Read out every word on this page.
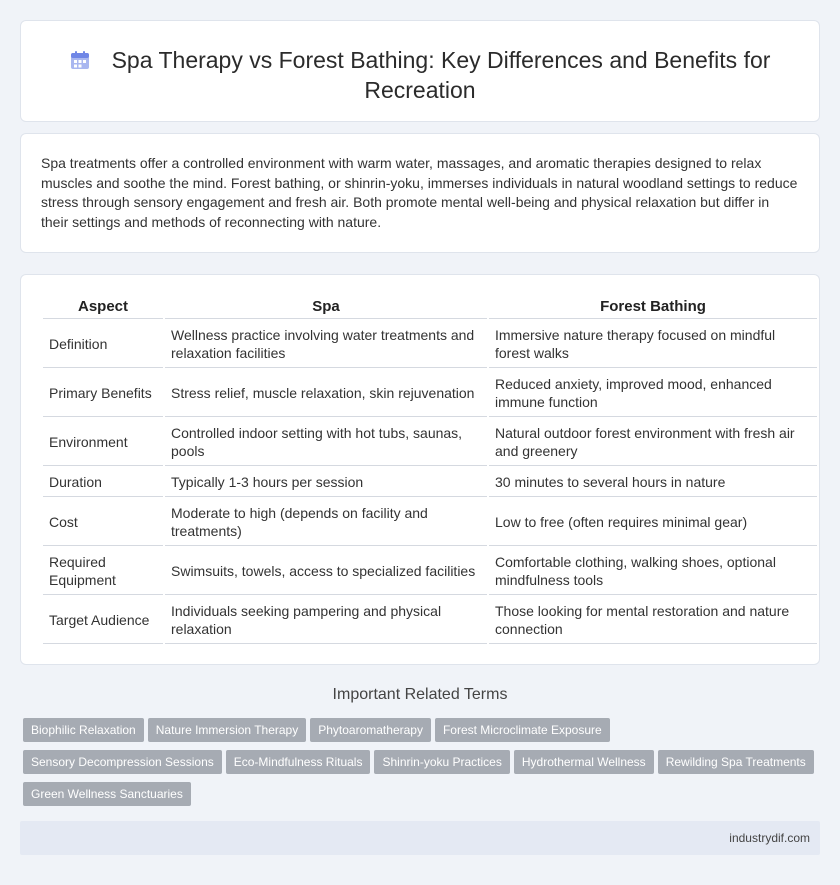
Spa Therapy vs Forest Bathing: Key Differences and Benefits for Recreation

Spa treatments offer a controlled environment with warm water, massages, and aromatic therapies designed to relax muscles and soothe the mind. Forest bathing, or shinrin-yoku, immerses individuals in natural woodland settings to reduce stress through sensory engagement and fresh air. Both promote mental well-being and physical relaxation but differ in their settings and methods of reconnecting with nature.

Aspect	Spa	Forest Bathing
Definition	Wellness practice involving water treatments and relaxation facilities	Immersive nature therapy focused on mindful forest walks
Primary Benefits	Stress relief, muscle relaxation, skin rejuvenation	Reduced anxiety, improved mood, enhanced immune function
Environment	Controlled indoor setting with hot tubs, saunas, pools	Natural outdoor forest environment with fresh air and greenery
Duration	Typically 1-3 hours per session	30 minutes to several hours in nature
Cost	Moderate to high (depends on facility and treatments)	Low to free (often requires minimal gear)
Required Equipment	Swimsuits, towels, access to specialized facilities	Comfortable clothing, walking shoes, optional mindfulness tools
Target Audience	Individuals seeking pampering and physical relaxation	Those looking for mental restoration and nature connection
Important Related Terms
Biophilic Relaxation Nature Immersion Therapy Phytoaromatherapy Forest Microclimate Exposure
Sensory Decompression Sessions Eco-Mindfulness Rituals Shinrin-yoku Practices Hydrothermal Wellness Rewilding Spa Treatments
Green Wellness Sanctuaries
industrydif.com
